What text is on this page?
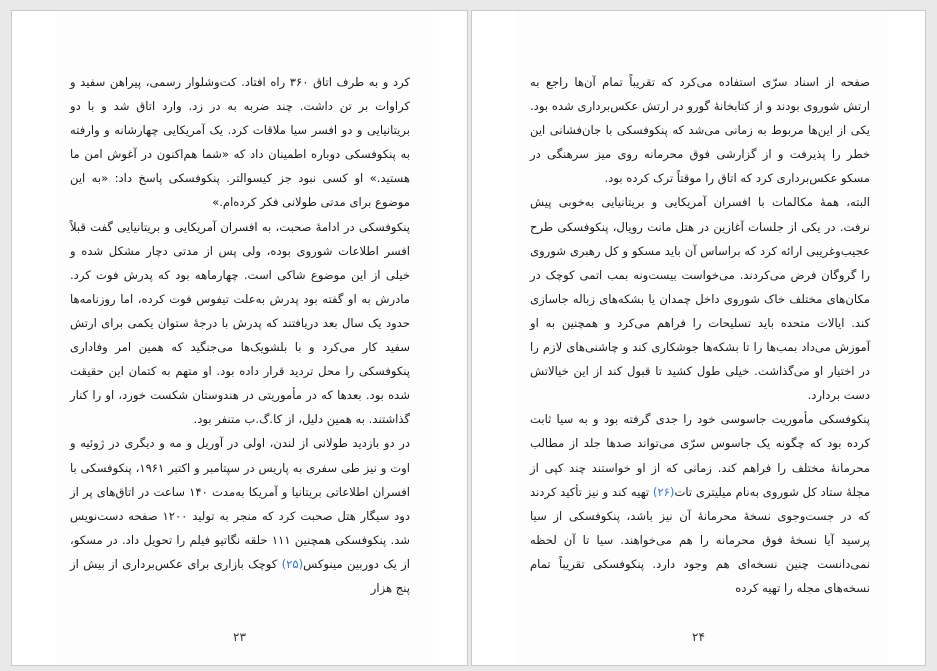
کرد و به طرف اتاق ۳۶۰ راه افتاد. کت‌وشلوار رسمی، پیراهن سفید و کراوات بر تن داشت. چند ضربه به در زد. وارد اتاق شد و با دو بریتانیایی و دو افسر سیا ملاقات کرد. یک آمریکایی چهارشانه و وارفته به پنکوفسکی دوباره اطمینان داد که «شما هم‌اکنون در آغوش امن ما هستید.» او کسی نبود جز کیسوالتر. پنکوفسکی پاسخ داد: «به این موضوع برای مدتی طولانی فکر کرده‌ام.»

پنکوفسکی در ادامهٔ صحبت، به افسران آمریکایی و بریتانیایی گفت قبلاً افسر اطلاعات شوروی بوده، ولی پس از مدتی دچار مشکل شده و خیلی از این موضوع شاکی است. چهارماهه بود که پدرش فوت کرد. مادرش به او گفته بود پدرش به‌علت تیفوس فوت کرده، اما روزنامه‌ها حدود یک سال بعد دریافتند که پدرش با درجهٔ ستوان یکمی برای ارتش سفید کار می‌کرد و با بلشویک‌ها می‌جنگید که همین امر وفاداری پنکوفسکی را محل تردید قرار داده بود. او متهم به کتمان این حقیقت شده بود. بعدها که در مأموریتی در هندوستان شکست خورد، او را کنار گذاشتند. به همین دلیل، از کا.گ.ب متنفر بود.

در دو بازدید طولانی از لندن، اولی در آوریل و مه و دیگری در ژوئیه و اوت و نیز طی سفری به پاریس در سپتامبر و اکتبر ۱۹۶۱، پنکوفسکی با افسران اطلاعاتی بریتانیا و آمریکا به‌مدت ۱۴۰ ساعت در اتاق‌های پر از دود سیگار هتل صحبت کرد که منجر به تولید ۱۲۰۰ صفحه دست‌نویس شد. پنکوفسکی همچنین ۱۱۱ حلقه نگاتیو فیلم را تحویل داد. در مسکو، از یک دوربین مینوکس(۲۵) کوچک بازاری برای عکس‌برداری از بیش از پنج هزار

۲۳

صفحه از اسناد سرّی استفاده می‌کرد که تقریباً تمام آن‌ها راجع به ارتش شوروی بودند و از کتابخانهٔ گورو در ارتش عکس‌برداری شده بود. یکی از این‌ها مربوط به زمانی می‌شد که پنکوفسکی با جان‌فشانی این خطر را پذیرفت و از گزارشی فوق محرمانه روی میز سرهنگی در مسکو عکس‌برداری کرد که اتاق را موقتاً ترک کرده بود.

البته، همهٔ مکالمات با افسران آمریکایی و بریتانیایی به‌خوبی پیش نرفت. در یکی از جلسات آغازین در هتل مانت رویال، پنکوفسکی طرح عجیب‌وغریبی ارائه کرد که براساس آن باید مسکو و کل رهبری شوروی را گروگان فرض می‌کردند. می‌خواست بیست‌ونه بمب اتمی کوچک در مکان‌های مختلف خاک شوروی داخل چمدان یا بشکه‌های زباله جاسازی کند. ایالات متحده باید تسلیحات را فراهم می‌کرد و همچنین به او آموزش می‌داد بمب‌ها را تا بشکه‌ها جوشکاری کند و چاشنی‌های لازم را در اختیار او می‌گذاشت. خیلی طول کشید تا قبول کند از این خیالاتش دست بردارد.

پنکوفسکی مأموریت جاسوسی خود را جدی گرفته بود و به سیا ثابت کرده بود که چگونه یک جاسوس سرّی می‌تواند صدها جلد از مطالب محرمانهٔ مختلف را فراهم کند. زمانی که از او خواستند چند کپی از مجلهٔ ستاد کل شوروی به‌نام میلیتری تات(۲۶) تهیه کند و نیز تأکید کردند که در جست‌وجوی نسخهٔ محرمانهٔ آن نیز باشد، پنکوفسکی از سیا پرسید آیا نسخهٔ فوق محرمانه را هم می‌خواهند. سیا تا آن لحظه نمی‌دانست چنین نسخه‌ای هم وجود دارد. پنکوفسکی تقریباً تمام نسخه‌های مجله را تهیه کرده

۲۴
